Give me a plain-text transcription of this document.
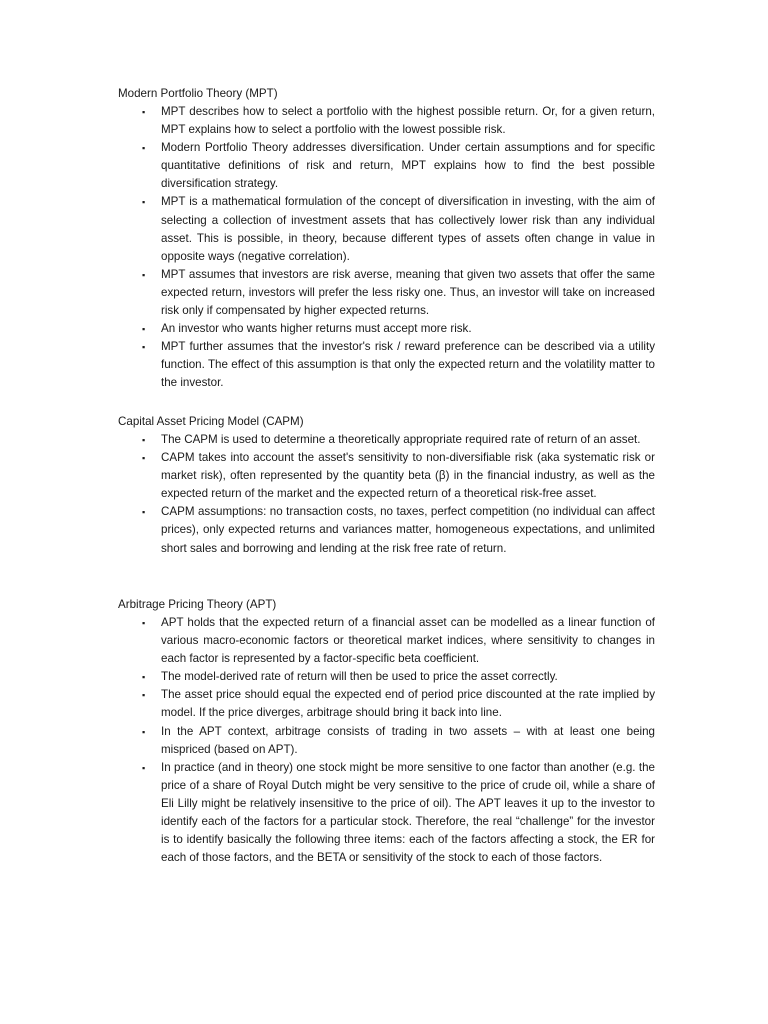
Modern Portfolio Theory (MPT)
▪ MPT describes how to select a portfolio with the highest possible return. Or, for a given return, MPT explains how to select a portfolio with the lowest possible risk.
▪ Modern Portfolio Theory addresses diversification. Under certain assumptions and for specific quantitative definitions of risk and return, MPT explains how to find the best possible diversification strategy.
▪ MPT is a mathematical formulation of the concept of diversification in investing, with the aim of selecting a collection of investment assets that has collectively lower risk than any individual asset. This is possible, in theory, because different types of assets often change in value in opposite ways (negative correlation).
▪ MPT assumes that investors are risk averse, meaning that given two assets that offer the same expected return, investors will prefer the less risky one. Thus, an investor will take on increased risk only if compensated by higher expected returns.
▪ An investor who wants higher returns must accept more risk.
▪ MPT further assumes that the investor's risk / reward preference can be described via a utility function. The effect of this assumption is that only the expected return and the volatility matter to the investor.
Capital Asset Pricing Model (CAPM)
▪ The CAPM is used to determine a theoretically appropriate required rate of return of an asset.
▪ CAPM takes into account the asset's sensitivity to non-diversifiable risk (aka systematic risk or market risk), often represented by the quantity beta (β) in the financial industry, as well as the expected return of the market and the expected return of a theoretical risk-free asset.
▪ CAPM assumptions: no transaction costs, no taxes, perfect competition (no individual can affect prices), only expected returns and variances matter, homogeneous expectations, and unlimited short sales and borrowing and lending at the risk free rate of return.
Arbitrage Pricing Theory (APT)
▪ APT holds that the expected return of a financial asset can be modelled as a linear function of various macro-economic factors or theoretical market indices, where sensitivity to changes in each factor is represented by a factor-specific beta coefficient.
▪ The model-derived rate of return will then be used to price the asset correctly.
▪ The asset price should equal the expected end of period price discounted at the rate implied by model. If the price diverges, arbitrage should bring it back into line.
▪ In the APT context, arbitrage consists of trading in two assets – with at least one being mispriced (based on APT).
▪ In practice (and in theory) one stock might be more sensitive to one factor than another (e.g. the price of a share of Royal Dutch might be very sensitive to the price of crude oil, while a share of Eli Lilly might be relatively insensitive to the price of oil). The APT leaves it up to the investor to identify each of the factors for a particular stock. Therefore, the real “challenge” for the investor is to identify basically the following three items: each of the factors affecting a stock, the ER for each of those factors, and the BETA or sensitivity of the stock to each of those factors.
